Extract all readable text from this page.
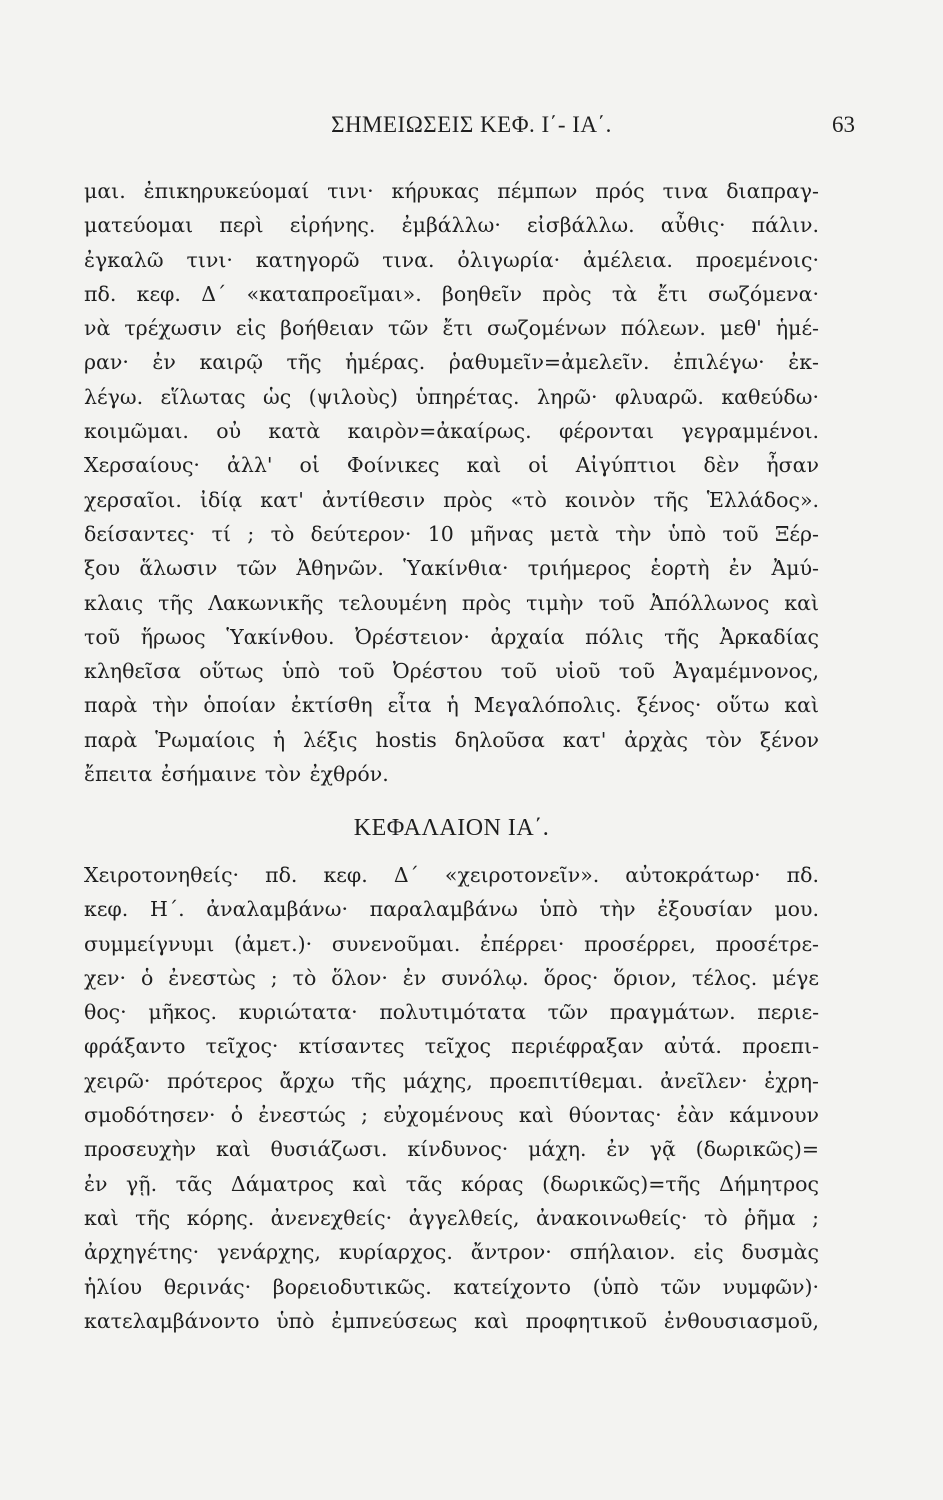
ΣΗΜΕΙΩΣΕΙΣ ΚΕΦ. Ι΄- ΙΑ΄.	63

μαι. ἐπικηρυκεύομαί τινι· κήρυκας πέμπων πρός τινα διαπραγ-

ματεύομαι περὶ εἰρήνης. ἐμβάλλω· εἰσβάλλω. αὖθις· πάλιν.

ἐγκαλῶ τινι· κατηγορῶ τινα. ὀλιγωρία· ἀμέλεια. προεμένοις·

πδ. κεφ. Δ΄ «καταπροεῖμαι». βοηθεῖν πρὸς τὰ ἔτι σωζόμενα·

νὰ τρέχωσιν εἰς βοήθειαν τῶν ἔτι σωζομένων πόλεων. μεθ' ἡμέ-

ραν· ἐν καιρῷ τῆς ἡμέρας. ῥαθυμεῖν=ἀμελεῖν. ἐπιλέγω· ἐκ-

λέγω. εἵλωτας ὡς (ψιλοὺς) ὑπηρέτας. ληρῶ· φλυαρῶ. καθεύδω·

κοιμῶμαι. οὐ κατὰ καιρὸν=ἀκαίρως. φέρονται γεγραμμένοι.

Χερσαίους· ἀλλ' οἱ Φοίνικες καὶ οἱ Αἰγύπτιοι δὲν ἦσαν

χερσαῖοι. ἰδίᾳ κατ' ἀντίθεσιν πρὸς «τὸ κοινὸν τῆς Ἑλλάδος».

δείσαντες· τί ; τὸ δεύτερον· 10 μῆνας μετὰ τὴν ὑπὸ τοῦ Ξέρ-

ξου ἅλωσιν τῶν Ἀθηνῶν. Ὑακίνθια· τριήμερος ἑορτὴ ἐν Ἀμύ-

κλαις τῆς Λακωνικῆς τελουμένη πρὸς τιμὴν τοῦ Ἀπόλλωνος καὶ

τοῦ ἥρωος Ὑακίνθου. Ὀρέστειον· ἀρχαία πόλις τῆς Ἀρκαδίας

κληθεῖσα οὕτως ὑπὸ τοῦ Ὀρέστου τοῦ υἱοῦ τοῦ Ἀγαμέμνονος,

παρὰ τὴν ὁποίαν ἐκτίσθη εἶτα ἡ Μεγαλόπολις. ξένος· οὕτω καὶ

παρὰ Ῥωμαίοις ἡ λέξις hostis δηλοῦσα κατ' ἀρχὰς τὸν ξένον

ἔπειτα ἐσήμαινε τὸν ἐχθρόν.

ΚΕΦΑΛΑΙΟΝ ΙΑ΄.

Χειροτονηθείς· πδ. κεφ. Δ΄ «χειροτονεῖν». αὐτοκράτωρ· πδ.

κεφ. Η΄. ἀναλαμβάνω· παραλαμβάνω ὑπὸ τὴν ἐξουσίαν μου.

συμμείγνυμι (ἀμετ.)· συνενοῦμαι. ἐπέρρει· προσέρρει, προσέτρε-

χεν· ὁ ἐνεστὼς ; τὸ ὅλον· ἐν συνόλῳ. ὅρος· ὅριον, τέλος. μέγε

θος· μῆκος. κυριώτατα· πολυτιμότατα τῶν πραγμάτων. περιε-

φράξαντο τεῖχος· κτίσαντες τεῖχος περιέφραξαν αὐτά. προεπι-

χειρῶ· πρότερος ἄρχω τῆς μάχης, προεπιτίθεμαι. ἀνεῖλεν· ἐχρη-

σμοδότησεν· ὁ ἐνεστώς ; εὐχομένους καὶ θύοντας· ἐὰν κάμνουν

προσευχὴν καὶ θυσιάζωσι. κίνδυνος· μάχη. ἐν γᾷ (δωρικῶς)=

ἐν γῇ. τᾶς Δάματρος καὶ τᾶς κόρας (δωρικῶς)=τῆς Δήμητρος

καὶ τῆς κόρης. ἀνενεχθείς· ἀγγελθείς, ἀνακοινωθείς· τὸ ῥῆμα ;

ἀρχηγέτης· γενάρχης, κυρίαρχος. ἄντρον· σπήλαιον. εἰς δυσμὰς

ἡλίου θερινάς· βορειοδυτικῶς. κατείχοντο (ὑπὸ τῶν νυμφῶν)·

κατελαμβάνοντο ὑπὸ ἐμπνεύσεως καὶ προφητικοῦ ἐνθουσιασμοῦ,
